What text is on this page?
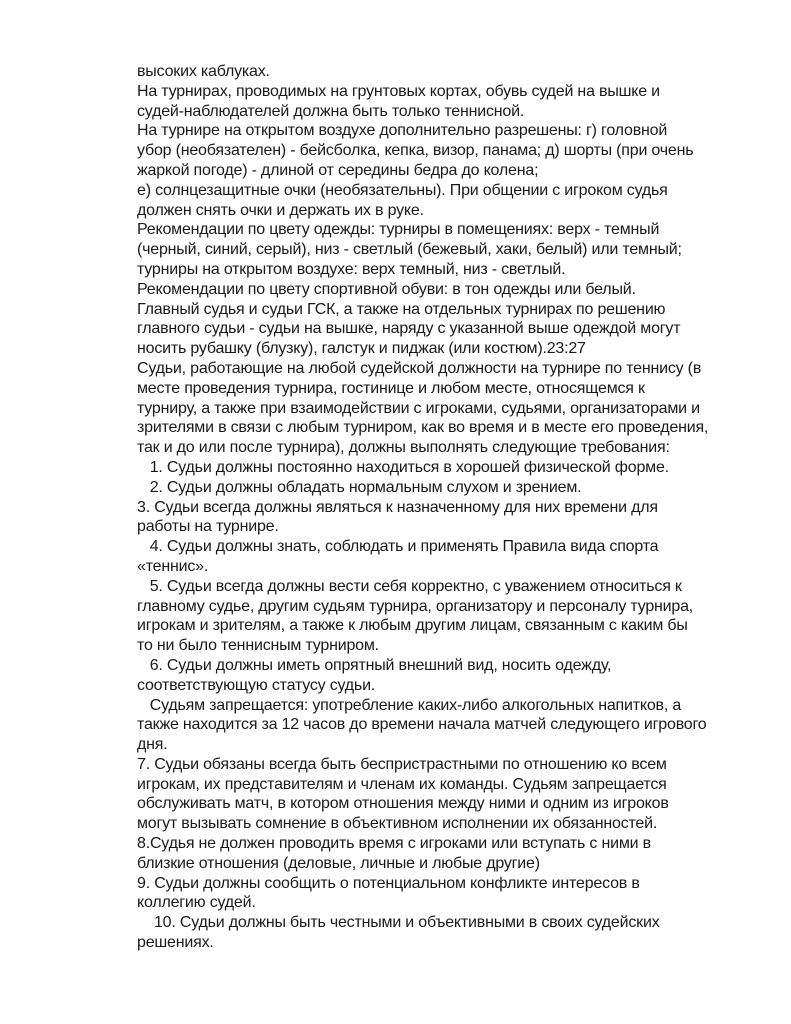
высоких каблуках.
На турнирах, проводимых на грунтовых кортах, обувь судей на вышке и
судей-наблюдателей должна быть только теннисной.
На турнире на открытом воздухе дополнительно разрешены: г) головной
убор (необязателен) - бейсболка, кепка, визор, панама; д) шорты (при очень
жаркой погоде) - длиной от середины бедра до колена;
е) солнцезащитные очки (необязательны). При общении с игроком судья
должен снять очки и держать их в руке.
Рекомендации по цвету одежды: турниры в помещениях: верх - темный
(черный, синий, серый), низ - светлый (бежевый, хаки, белый) или темный;
турниры на открытом воздухе: верх темный, низ - светлый.
Рекомендации по цвету спортивной обуви: в тон одежды или белый.
Главный судья и судьи ГСК, а также на отдельных турнирах по решению
главного судьи - судьи на вышке, наряду с указанной выше одеждой могут
носить рубашку (блузку), галстук и пиджак (или костюм).23:27
Судьи, работающие на любой судейской должности на турнире по теннису (в
месте проведения турнира, гостинице и любом месте, относящемся к
турниру, а также при взаимодействии с игроками, судьями, организаторами и
зрителями в связи с любым турниром, как во время и в месте его проведения,
так и до или после турнира), должны выполнять следующие требования:
1. Судьи должны постоянно находиться в хорошей физической форме.
2. Судьи должны обладать нормальным слухом и зрением.
3. Судьи всегда должны являться к назначенному для них времени для
работы на турнире.
4. Судьи должны знать, соблюдать и применять Правила вида спорта
«теннис».
5. Судьи всегда должны вести себя корректно, с уважением относиться к
главному судье, другим судьям турнира, организатору и персоналу турнира,
игрокам и зрителям, а также к любым другим лицам, связанным с каким бы
то ни было теннисным турниром.
6. Судьи должны иметь опрятный внешний вид, носить одежду,
соответствующую статусу судьи.
Судьям запрещается: употребление каких-либо алкогольных напитков, а
также находится за 12 часов до времени начала матчей следующего игрового
дня.
7. Судьи обязаны всегда быть беспристрастными по отношению ко всем
игрокам, их представителям и членам их команды. Судьям запрещается
обслуживать матч, в котором отношения между ними и одним из игроков
могут вызывать сомнение в объективном исполнении их обязанностей.
8.Судья не должен проводить время с игроками или вступать с ними в
близкие отношения (деловые, личные и любые другие)
9. Судьи должны сообщить о потенциальном конфликте интересов в
коллегию судей.
10. Судьи должны быть честными и объективными в своих судейских
решениях.
